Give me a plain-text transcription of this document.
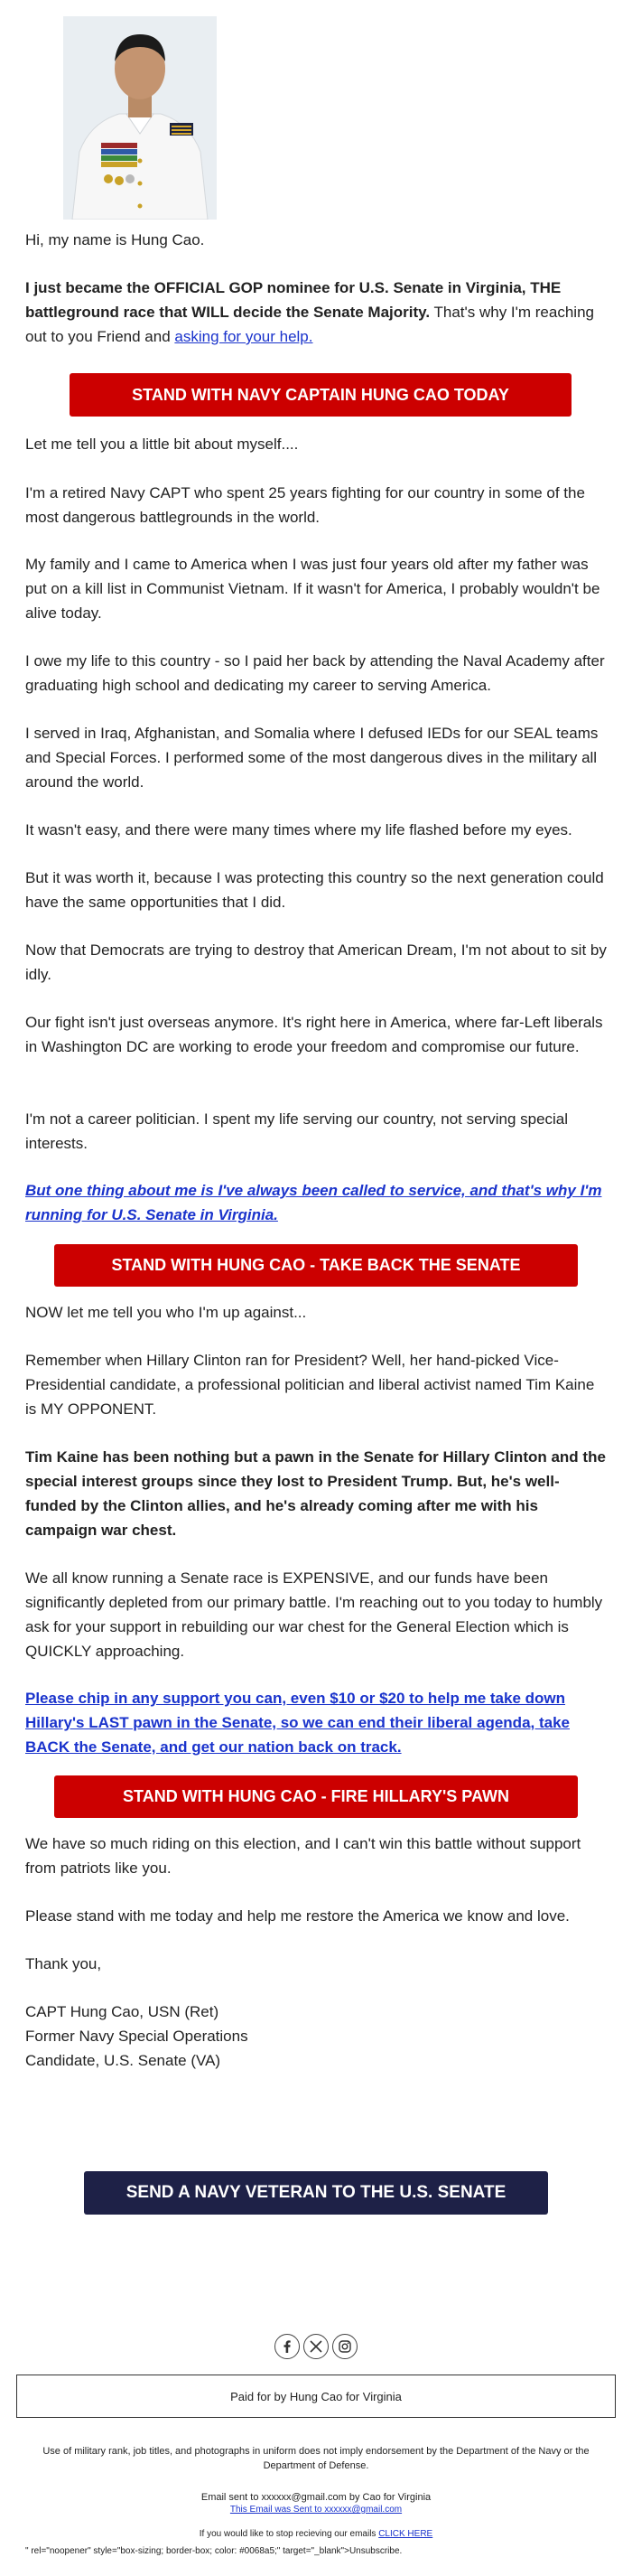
Hi, my name is Hung Cao.

I just became the OFFICIAL GOP nominee for U.S. Senate in Virginia, THE battleground race that WILL decide the Senate Majority. That's why I'm reaching out to you Friend and asking for your help.

STAND WITH NAVY CAPTAIN HUNG CAO TODAY

Let me tell you a little bit about myself....

I'm a retired Navy CAPT who spent 25 years fighting for our country in some of the most dangerous battlegrounds in the world.

My family and I came to America when I was just four years old after my father was put on a kill list in Communist Vietnam. If it wasn't for America, I probably wouldn't be alive today.

I owe my life to this country - so I paid her back by attending the Naval Academy after graduating high school and dedicating my career to serving America.

I served in Iraq, Afghanistan, and Somalia where I defused IEDs for our SEAL teams and Special Forces. I performed some of the most dangerous dives in the military all around the world.

It wasn't easy, and there were many times where my life flashed before my eyes.

But it was worth it, because I was protecting this country so the next generation could have the same opportunities that I did.

Now that Democrats are trying to destroy that American Dream, I'm not about to sit by idly.

Our fight isn't just overseas anymore. It's right here in America, where far-Left liberals in Washington DC are working to erode your freedom and compromise our future.

I'm not a career politician. I spent my life serving our country, not serving special interests.

But one thing about me is I've always been called to service, and that's why I'm running for U.S. Senate in Virginia.

STAND WITH HUNG CAO - TAKE BACK THE SENATE

NOW let me tell you who I'm up against...

Remember when Hillary Clinton ran for President? Well, her hand-picked Vice-Presidential candidate, a professional politician and liberal activist named Tim Kaine is MY OPPONENT.

Tim Kaine has been nothing but a pawn in the Senate for Hillary Clinton and the special interest groups since they lost to President Trump. But, he's well-funded by the Clinton allies, and he's already coming after me with his campaign war chest.

We all know running a Senate race is EXPENSIVE, and our funds have been significantly depleted from our primary battle. I'm reaching out to you today to humbly ask for your support in rebuilding our war chest for the General Election which is QUICKLY approaching.

Please chip in any support you can, even $10 or $20 to help me take down Hillary's LAST pawn in the Senate, so we can end their liberal agenda, take BACK the Senate, and get our nation back on track.

STAND WITH HUNG CAO - FIRE HILLARY'S PAWN

We have so much riding on this election, and I can't win this battle without support from patriots like you.

Please stand with me today and help me restore the America we know and love.

Thank you,

CAPT Hung Cao, USN (Ret)

Former Navy Special Operations

Candidate, U.S. Senate (VA)

SEND A NAVY VETERAN TO THE U.S. SENATE
Paid for by Hung Cao for Virginia
Use of military rank, job titles, and photographs in uniform does not imply endorsement by the Department of the Navy or the Department of Defense.
Email sent to xxxxxx@gmail.com by Cao for Virginia
This Email was Sent to xxxxxx@gmail.com
If you would like to stop recieving our emails CLICK HERE
" rel="noopener" style="box-sizing; border-box; color: #0068a5;" target="_blank">Unsubscribe.
